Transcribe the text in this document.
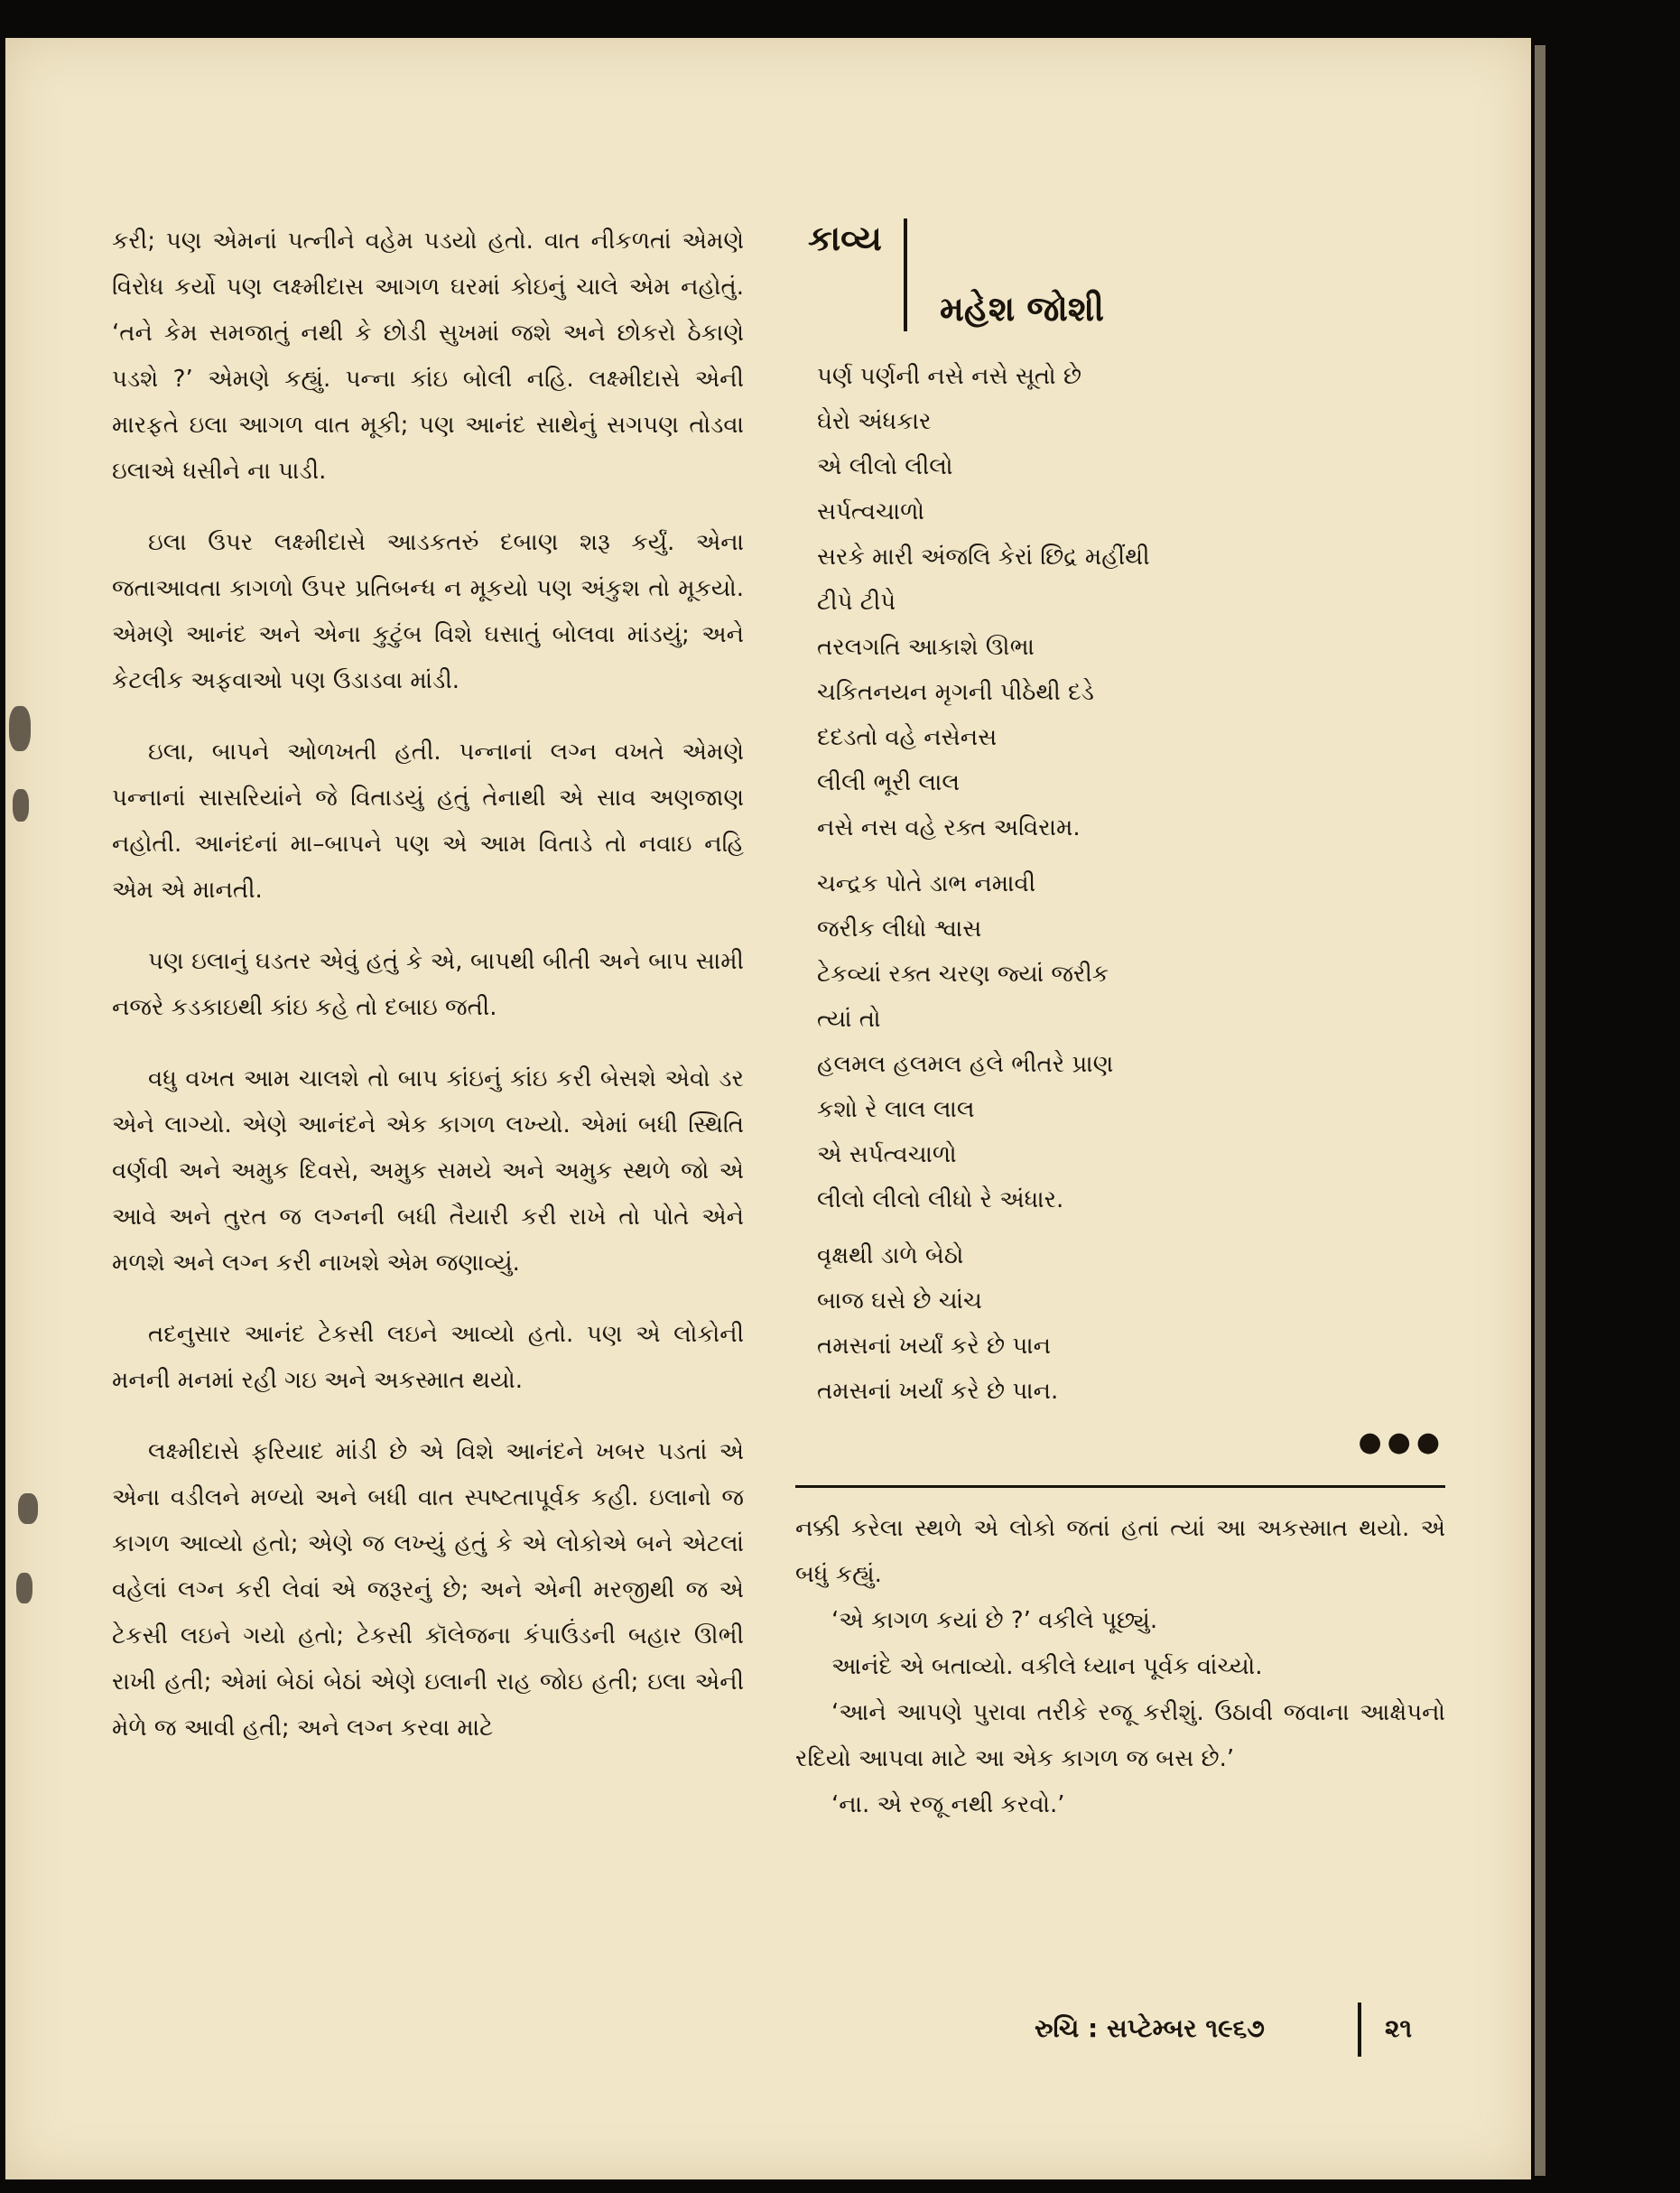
કરી; પણ એમનાં પત્નીને વહેમ પડયો હતો. વાત નીકળતાં એમણે વિરોધ કર્યો પણ લક્ષ્મીદાસ આગળ ઘરમાં કોઇનું ચાલે એમ નહોતું. ‘તને કેમ સમજાતું નથી કે છોડી સુખમાં જશે અને છોકરો ઠેકાણે પડશે ?’ એમણે કહ્યું. પન્ના કાંઇ બોલી નહિ. લક્ષ્મીદાસે એની મારફતે ઇલા આગળ વાત મૂકી; પણ આનંદ સાથેનું સગપણ તોડવા ઇલાએ ધસીને ના પાડી.

ઇલા ઉપર લક્ષ્મીદાસે આડકતરું દબાણ શરૂ કર્યું. એના જતાઆવતા કાગળો ઉપર પ્રતિબન્ધ ન મૂકયો પણ અંકુશ તો મૂકયો. એમણે આનંદ અને એના કુટુંબ વિશે ઘસાતું બોલવા માંડયું; અને કેટલીક અફવાઓ પણ ઉડાડવા માંડી.

ઇલા, બાપને ઓળખતી હતી. પન્નાનાં લગ્ન વખતે એમણે પન્નાનાં સાસરિયાંને જે વિતાડયું હતું તેનાથી એ સાવ અણજાણ નહોતી. આનંદનાં મા–બાપને પણ એ આમ વિતાડે તો નવાઇ નહિ એમ એ માનતી.

પણ ઇલાનું ઘડતર એવું હતું કે એ, બાપથી બીતી અને બાપ સામી નજરે કડકાઇથી કાંઇ કહે તો દબાઇ જતી.

વધુ વખત આમ ચાલશે તો બાપ કાંઇનું કાંઇ કરી બેસશે એવો ડર એને લાગ્યો. એણે આનંદને એક કાગળ લખ્યો. એમાં બધી સ્થિતિ વર્ણવી અને અમુક દિવસે, અમુક સમયે અને અમુક સ્થળે જો એ આવે અને તુરત જ લગ્નની બધી તૈયારી કરી રાખે તો પોતે એને મળશે અને લગ્ન કરી નાખશે એમ જણાવ્યું.

તદનુસાર આનંદ ટેકસી લઇને આવ્યો હતો. પણ એ લોકોની મનની મનમાં રહી ગઇ અને અકસ્માત થયો.

લક્ષ્મીદાસે ફરિયાદ માંડી છે એ વિશે આનંદને ખબર પડતાં એ એના વડીલને મળ્યો અને બધી વાત સ્પષ્ટતાપૂર્વક કહી. ઇલાનો જ કાગળ આવ્યો હતો; એણે જ લખ્યું હતું કે એ લોકોએ બને એટલાં વહેલાં લગ્ન કરી લેવાં એ જરૂરનું છે; અને એની મરજીથી જ એ ટેકસી લઇને ગયો હતો; ટેકસી કૉલેજના કંપાઉંડની બહાર ઊભી રાખી હતી; એમાં બેઠાં બેઠાં એણે ઇલાની રાહ જોઇ હતી; ઇલા એની મેળે જ આવી હતી; અને લગ્ન કરવા માટે

કાવ્ય
મહેશ જોશી
પર્ણ પર્ણની નસે નસે સૂતો છે
ઘેરો અંધકાર
એ લીલો લીલો
સર્પત્વચાળો
સરકે મારી અંજલિ કેરાં છિદ્ર મહીંથી
ટીપે ટીપે
તરલગતિ આકાશે ઊભા
ચકિતનયન મૃગની પીઠેથી દડે
દદડતો વહે નસેનસ
લીલી ભૂરી લાલ
નસે નસ વહે રક્ત અવિરામ.
ચન્દ્રક પોતે ડાભ નમાવી
જરીક લીધો શ્વાસ
ટેકવ્યાં રક્ત ચરણ જ્યાં જરીક
ત્યાં તો
હલમલ હલમલ હલે ભીતરે પ્રાણ
કશો રે લાલ લાલ
એ સર્પત્વચાળો
લીલો લીલો લીધો રે અંધાર.
વૃક્ષથી ડાળે બેઠો
બાજ ઘસે છે ચાંચ
તમસનાં ખર્યાં કરે છે પાન
તમસનાં ખર્યાં કરે છે પાન.
●●●

નક્કી કરેલા સ્થળે એ લોકો જતાં હતાં ત્યાં આ અકસ્માત થયો. એ બધું કહ્યું.

‘એ કાગળ કયાં છે ?’ વકીલે પૂછ્યું.

આનંદે એ બતાવ્યો. વકીલે ધ્યાન પૂર્વક વાંચ્યો.

‘આને આપણે પુરાવા તરીકે રજૂ કરીશું. ઉઠાવી જવાના આક્ષેપનો રદિયો આપવા માટે આ એક કાગળ જ બસ છે.’

‘ના. એ રજૂ નથી કરવો.’

રુચિ : સપ્ટેમ્બર ૧૯૬૭	૨૧
